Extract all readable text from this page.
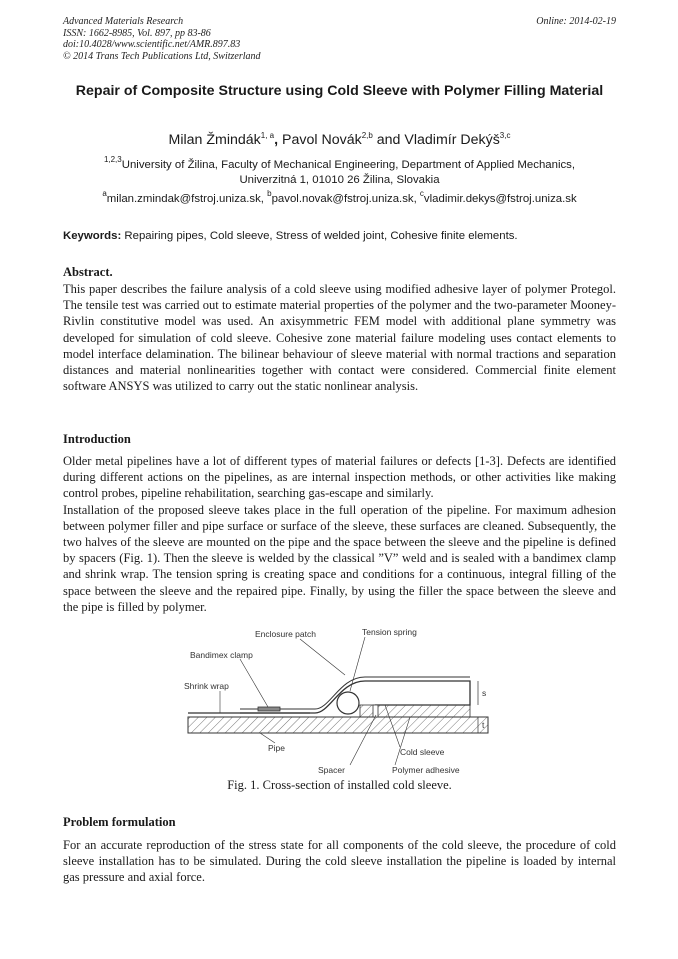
Advanced Materials Research
ISSN: 1662-8985, Vol. 897, pp 83-86
doi:10.4028/www.scientific.net/AMR.897.83
© 2014 Trans Tech Publications Ltd, Switzerland
Online: 2014-02-19
Repair of Composite Structure using Cold Sleeve with Polymer Filling Material
Milan Žmindák$^{1, a}$, Pavol Novák$^{2,b}$ and Vladimír Dekýš$^{3,c}$
$^{1,2,3}$University of Žilina, Faculty of Mechanical Engineering, Department of Applied Mechanics,
Univerzitná 1, 01010 26 Žilina, Slovakia
$^a$milan.zmindak@fstroj.uniza.sk, $^b$pavol.novak@fstroj.uniza.sk, $^c$vladimir.dekys@fstroj.uniza.sk
Keywords: Repairing pipes, Cold sleeve, Stress of welded joint, Cohesive finite elements.
Abstract.

This paper describes the failure analysis of a cold sleeve using modified adhesive layer of polymer Protegol. The tensile test was carried out to estimate material properties of the polymer and the two-parameter Mooney-Rivlin constitutive model was used. An axisymmetric FEM model with additional plane symmetry was developed for simulation of cold sleeve. Cohesive zone material failure modeling uses contact elements to model interface delamination. The bilinear behaviour of sleeve material with normal tractions and separation distances and material nonlinearities together with contact were considered. Commercial finite element software ANSYS was utilized to carry out the static nonlinear analysis.

Introduction

Older metal pipelines have a lot of different types of material failures or defects [1-3]. Defects are identified during different actions on the pipelines, as are internal inspection methods, or other activities like making control probes, pipeline rehabilitation, searching gas-escape and similarly.

Installation of the proposed sleeve takes place in the full operation of the pipeline. For maximum adhesion between polymer filler and pipe surface or surface of the sleeve, these surfaces are cleaned. Subsequently, the two halves of the sleeve are mounted on the pipe and the space between the sleeve and the pipeline is defined by spacers (Fig. 1). Then the sleeve is welded by the classical ”V” weld and is sealed with a bandimex clamp and shrink wrap. The tension spring is creating space and conditions for a continuous, integral filling of the space between the sleeve and the repaired pipe. Finally, by using the filler the space between the sleeve and the pipe is filled by polymer.

s
t
Enclosure patch	Tension spring
Bandimex clamp
Shrink wrap
Pipe
Spacer
Cold sleeve
Polymer adhesive
Fig. 1. Cross-section of installed cold sleeve.
Problem formulation

For an accurate reproduction of the stress state for all components of the cold sleeve, the procedure of cold sleeve installation has to be simulated. During the cold sleeve installation the pipeline is loaded by internal gas pressure and axial force.
